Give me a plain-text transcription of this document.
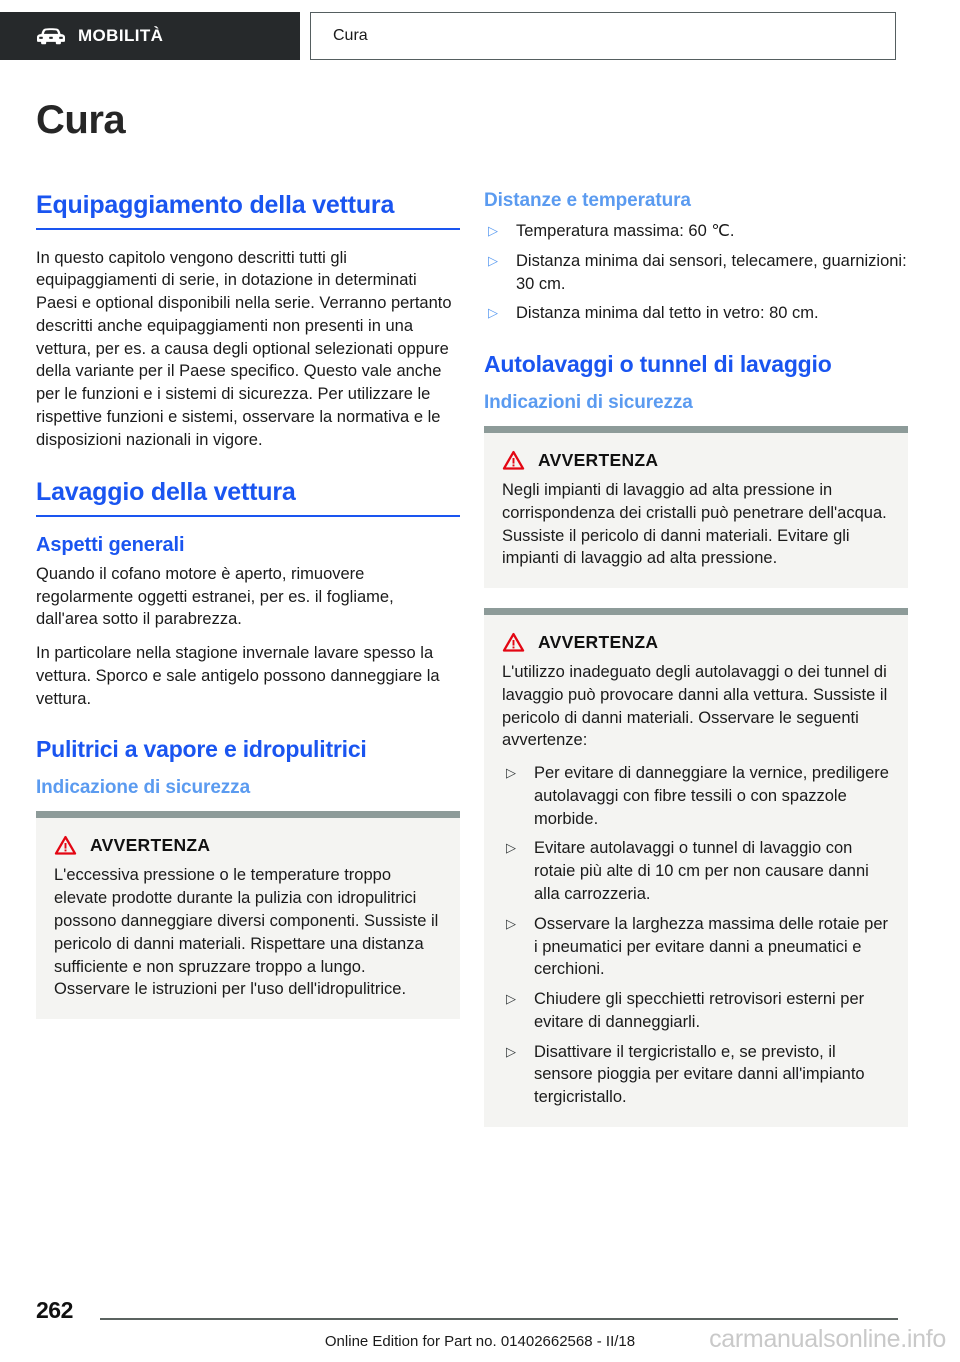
MOBILITÀ	Cura
Cura
Equipaggiamento della vettura

In questo capitolo vengono descritti tutti gli equipaggiamenti di serie, in dotazione in determinati Paesi e optional disponibili nella serie. Verranno pertanto descritti anche equipaggiamenti non presenti in una vettura, per es. a causa degli optional selezionati oppure della variante per il Paese specifico. Questo vale anche per le funzioni e i sistemi di sicurezza. Per utilizzare le rispettive funzioni e sistemi, osservare la normativa e le disposizioni nazionali in vigore.

Lavaggio della vettura
Aspetti generali

Quando il cofano motore è aperto, rimuovere regolarmente oggetti estranei, per es. il fogliame, dall'area sotto il parabrezza.

In particolare nella stagione invernale lavare spesso la vettura. Sporco e sale antigelo possono danneggiare la vettura.

Pulitrici a vapore e idropulitrici
Indicazione di sicurezza
AVVERTENZA
L'eccessiva pressione o le temperature troppo elevate prodotte durante la pulizia con idropulitrici possono danneggiare diversi componenti. Sussiste il pericolo di danni materiali. Rispettare una distanza sufficiente e non spruzzare troppo a lungo. Osservare le istruzioni per l'uso dell'idropulitrice.
Distanze e temperatura
▷ Temperatura massima: 60 ℃.
▷ Distanza minima dai sensori, telecamere, guarnizioni: 30 cm.
▷ Distanza minima dal tetto in vetro: 80 cm.
Autolavaggi o tunnel di lavaggio
Indicazioni di sicurezza
AVVERTENZA
Negli impianti di lavaggio ad alta pressione in corrispondenza dei cristalli può penetrare dell'acqua. Sussiste il pericolo di danni materiali. Evitare gli impianti di lavaggio ad alta pressione.
AVVERTENZA
L'utilizzo inadeguato degli autolavaggi o dei tunnel di lavaggio può provocare danni alla vettura. Sussiste il pericolo di danni materiali. Osservare le seguenti avvertenze:
▷ Per evitare di danneggiare la vernice, prediligere autolavaggi con fibre tessili o con spazzole morbide.
▷ Evitare autolavaggi o tunnel di lavaggio con rotaie più alte di 10 cm per non causare danni alla carrozzeria.
▷ Osservare la larghezza massima delle rotaie per i pneumatici per evitare danni a pneumatici e cerchioni.
▷ Chiudere gli specchietti retrovisori esterni per evitare di danneggiarli.
▷ Disattivare il tergicristallo e, se previsto, il sensore pioggia per evitare danni all'impianto tergicristallo.
262
Online Edition for Part no. 01402662568 - II/18	carmanualsonline.info
